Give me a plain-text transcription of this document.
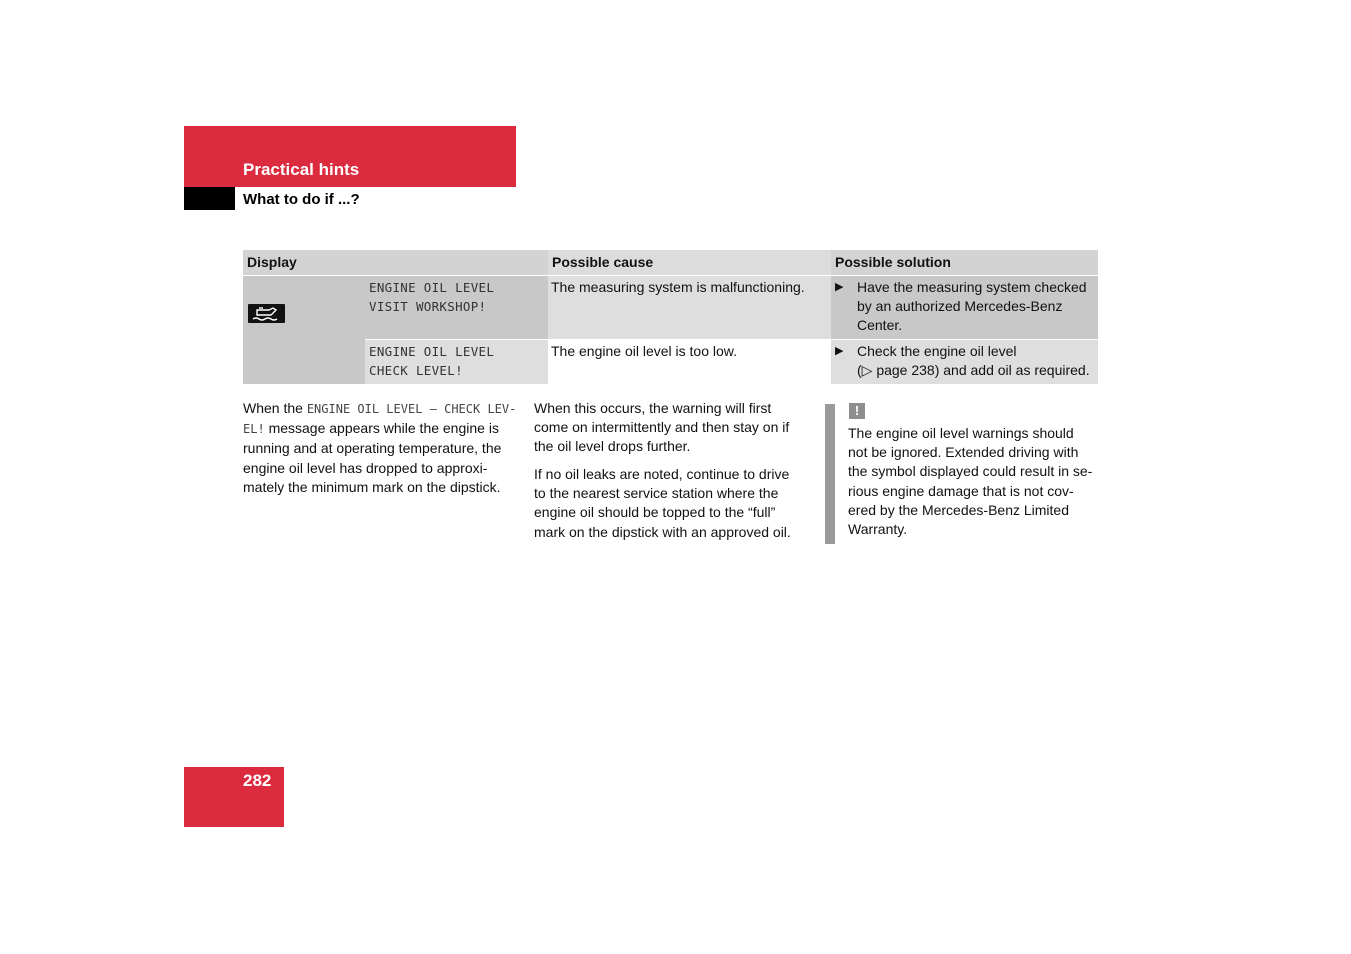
Practical hints
What to do if ...?
Display	Possible cause	Possible solution
ENGINE OIL LEVEL
VISIT WORKSHOP!
The measuring system is malfunctioning.	▶ Have the measuring system checked by an authorized Mercedes-Benz Center.
ENGINE OIL LEVEL
CHECK LEVEL!
The engine oil level is too low.	▶ Check the engine oil level
(▷ page 238) and add oil as required.
When the ENGINE OIL LEVEL – CHECK LEV-
EL! message appears while the engine is
running and at operating temperature, the
engine oil level has dropped to approxi-
mately the minimum mark on the dipstick.
When this occurs, the warning will first
come on intermittently and then stay on if
the oil level drops further.
If no oil leaks are noted, continue to drive
to the nearest service station where the
engine oil should be topped to the “full”
mark on the dipstick with an approved oil.
!
The engine oil level warnings should
not be ignored. Extended driving with
the symbol displayed could result in se-
rious engine damage that is not cov-
ered by the Mercedes-Benz Limited
Warranty.
282
